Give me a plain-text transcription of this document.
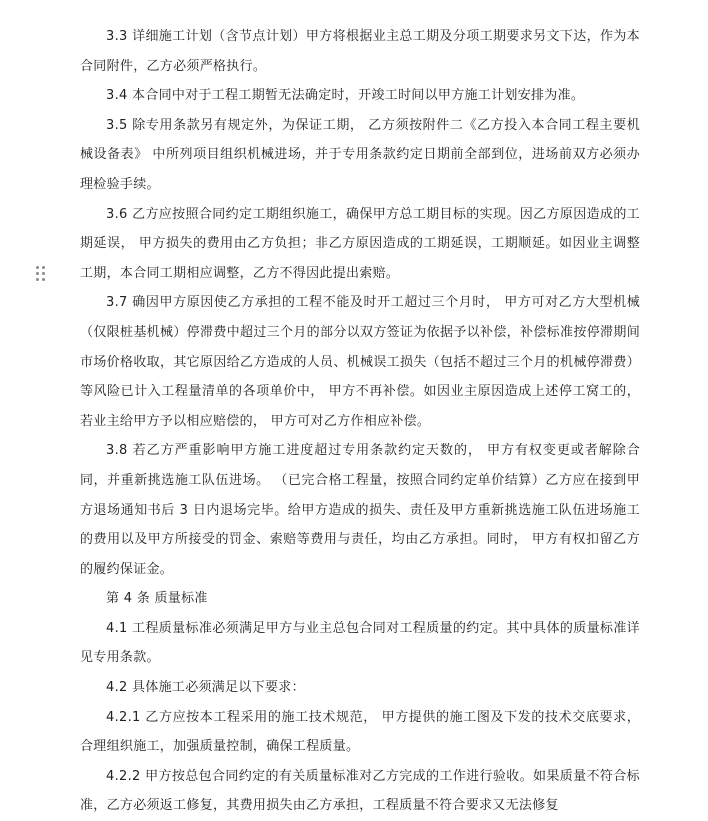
3.3 详细施工计划（含节点计划）甲方将根据业主总工期及分项工期要求另文下达，作为本合同附件，乙方必须严格执行。

3.4 本合同中对于工程工期暂无法确定时，开竣工时间以甲方施工计划安排为准。

3.5 除专用条款另有规定外，为保证工期， 乙方须按附件二《乙方投入本合同工程主要机械设备表》 中所列项目组织机械进场，并于专用条款约定日期前全部到位，进场前双方必须办理检验手续。

3.6 乙方应按照合同约定工期组织施工，确保甲方总工期目标的实现。因乙方原因造成的工期延误， 甲方损失的费用由乙方负担；非乙方原因造成的工期延误，工期顺延。如因业主调整工期，本合同工期相应调整，乙方不得因此提出索赔。

3.7 确因甲方原因使乙方承担的工程不能及时开工超过三个月时， 甲方可对乙方大型机械（仅限桩基机械）停滞费中超过三个月的部分以双方签证为依据予以补偿，补偿标准按停滞期间市场价格收取，其它原因给乙方造成的人员、机械误工损失（包括不超过三个月的机械停滞费）等风险已计入工程量清单的各项单价中， 甲方不再补偿。如因业主原因造成上述停工窝工的，若业主给甲方予以相应赔偿的， 甲方可对乙方作相应补偿。

3.8 若乙方严重影响甲方施工进度超过专用条款约定天数的， 甲方有权变更或者解除合同，并重新挑选施工队伍进场。 （已完合格工程量，按照合同约定单价结算）乙方应在接到甲方退场通知书后 3 日内退场完毕。给甲方造成的损失、责任及甲方重新挑选施工队伍进场施工的费用以及甲方所接受的罚金、索赔等费用与责任，均由乙方承担。同时， 甲方有权扣留乙方的履约保证金。

第 4 条 质量标准

4.1 工程质量标准必须满足甲方与业主总包合同对工程质量的约定。其中具体的质量标准详见专用条款。

4.2 具体施工必须满足以下要求：

4.2.1 乙方应按本工程采用的施工技术规范， 甲方提供的施工图及下发的技术交底要求，合理组织施工，加强质量控制，确保工程质量。

4.2.2 甲方按总包合同约定的有关质量标准对乙方完成的工作进行验收。如果质量不符合标准，乙方必须返工修复，其费用损失由乙方承担，工程质量不符合要求又无法修复
